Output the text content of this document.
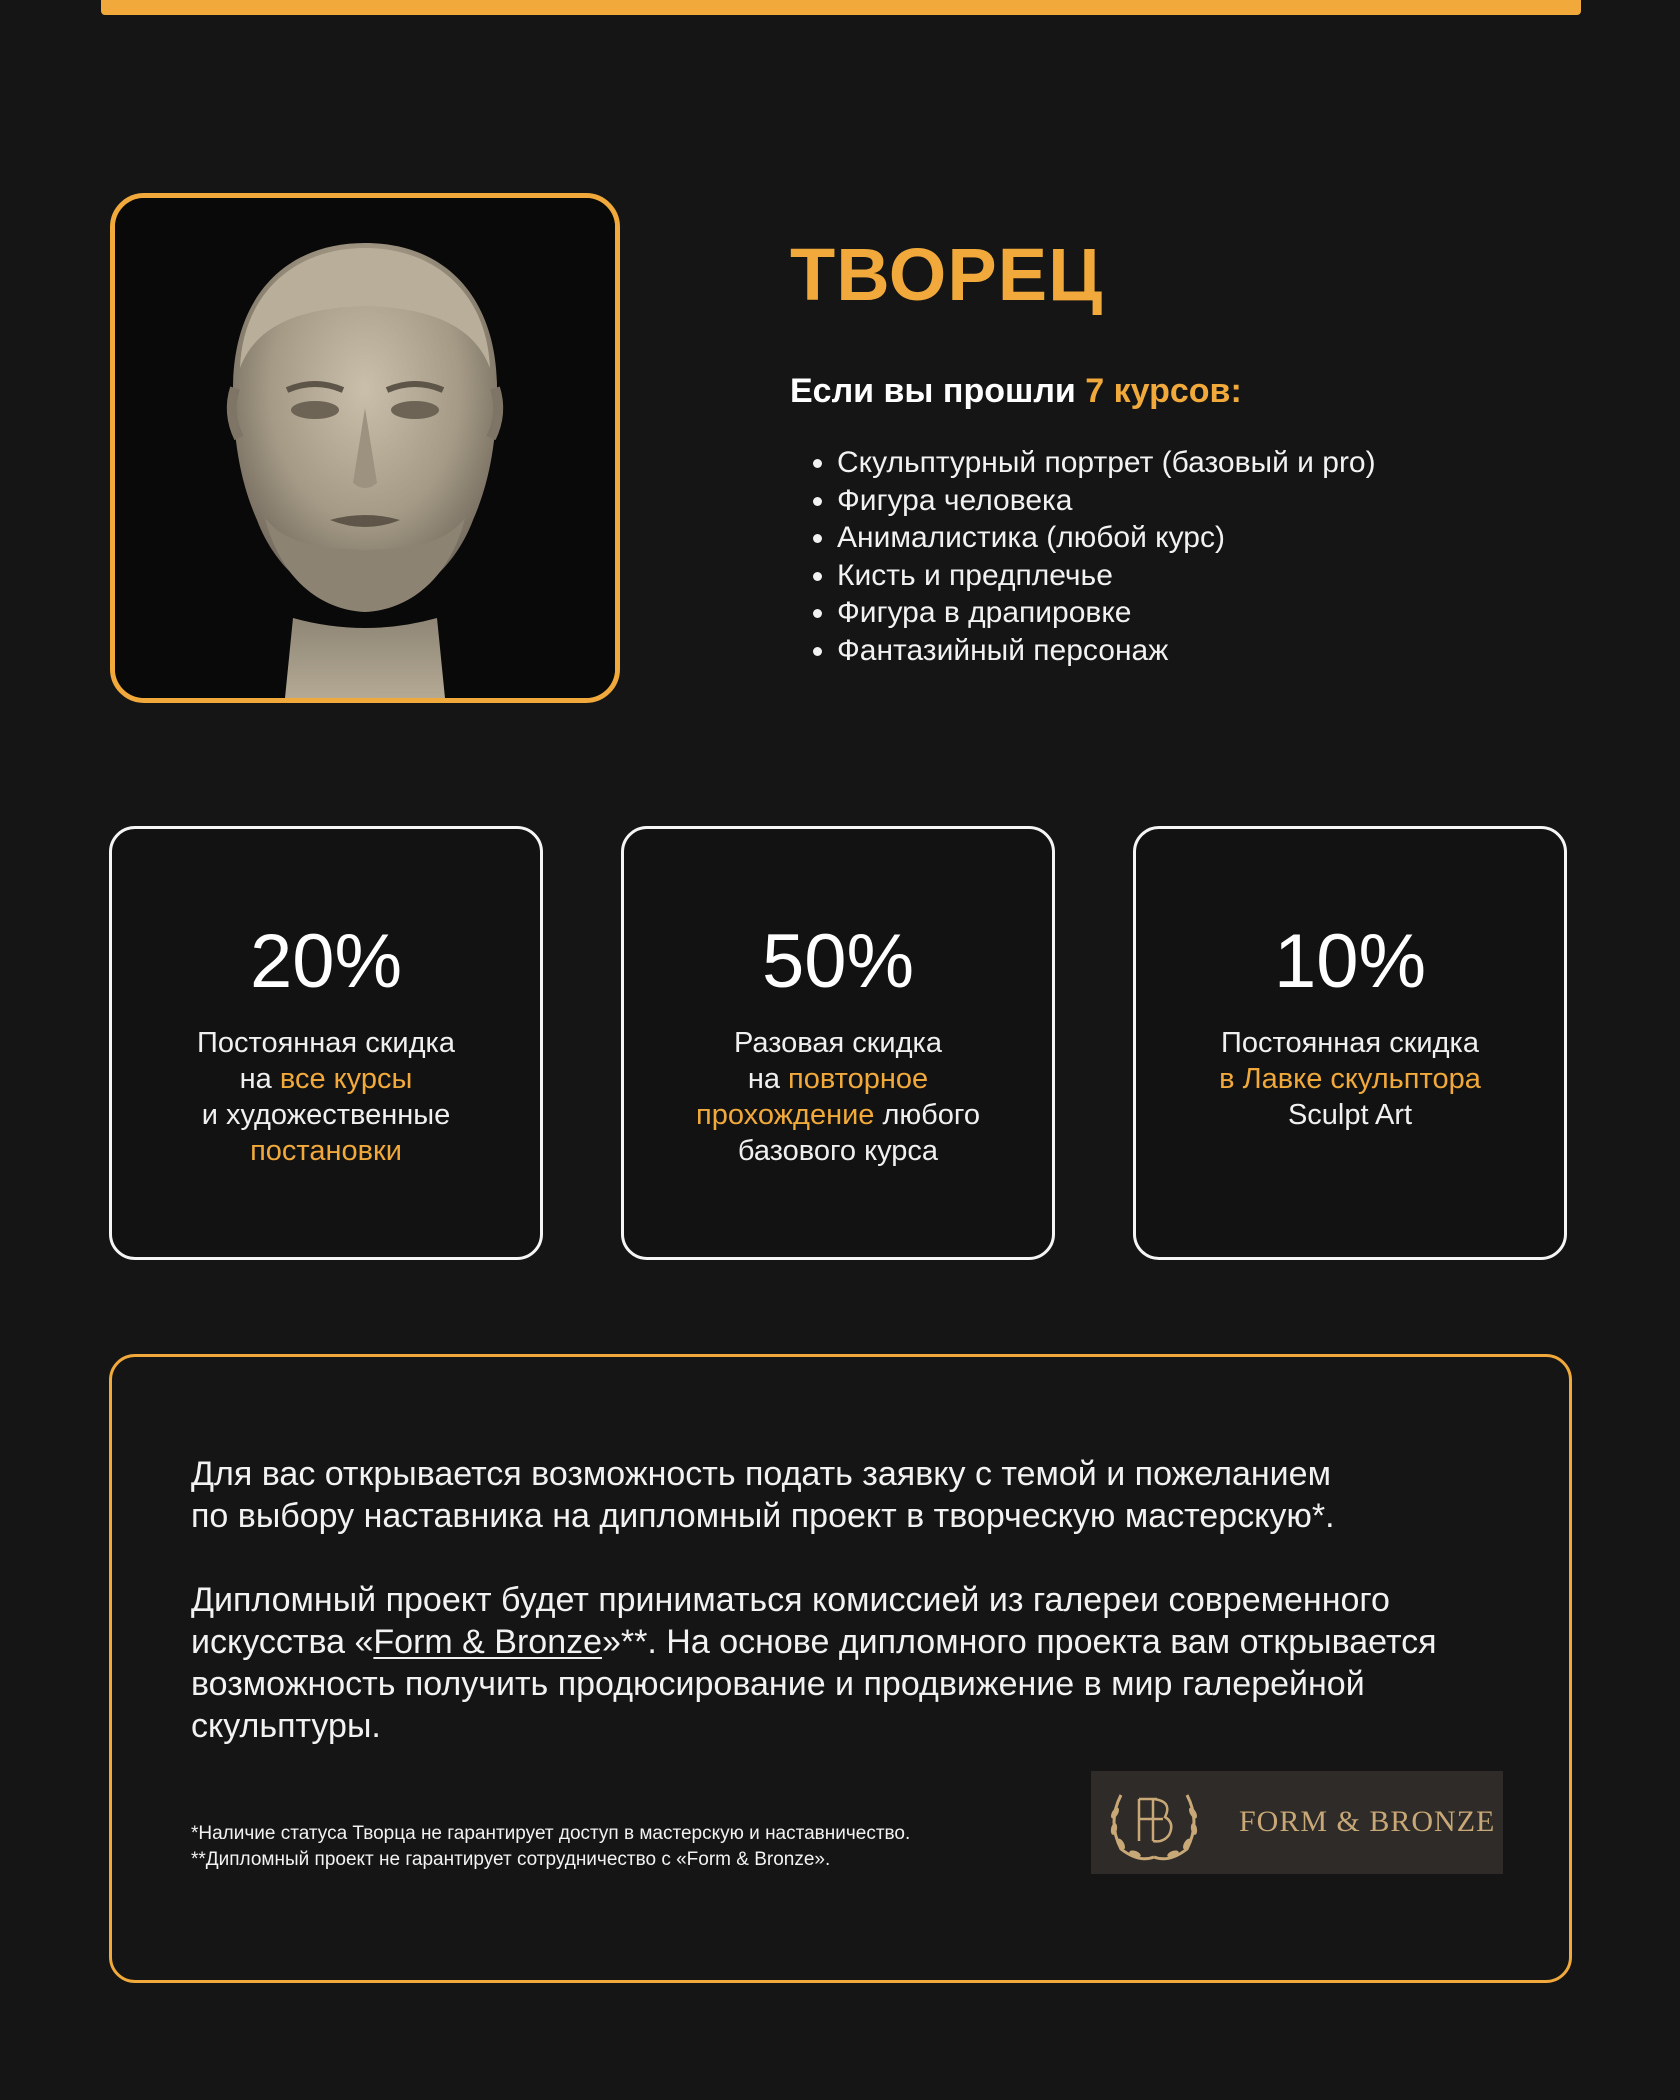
ТВОРЕЦ
Если вы прошли 7 курсов:
• Скульптурный портрет (базовый и pro)
• Фигура человека
• Анималистика (любой курс)
• Кисть и предплечье
• Фигура в драпировке
• Фантазийный персонаж
20%
Постоянная скидка
на все курсы
и художественные
постановки
50%
Разовая скидка
на повторное
прохождение любого
базового курса
10%
Постоянная скидка
в Лавке скульптора
Sculpt Art

Для вас открывается возможность подать заявку с темой и пожеланием
по выбору наставника на дипломный проект в творческую мастерскую*.

Дипломный проект будет приниматься комиссией из галереи современного искусства «Form & Bronze»**. На основе дипломного проекта вам открывается возможность получить продюсирование и продвижение в мир галерейной скульптуры.

*Наличие статуса Творца не гарантирует доступ в мастерскую и наставничество.
**Дипломный проект не гарантирует сотрудничество с «Form & Bronze».
FORM & BRONZE
